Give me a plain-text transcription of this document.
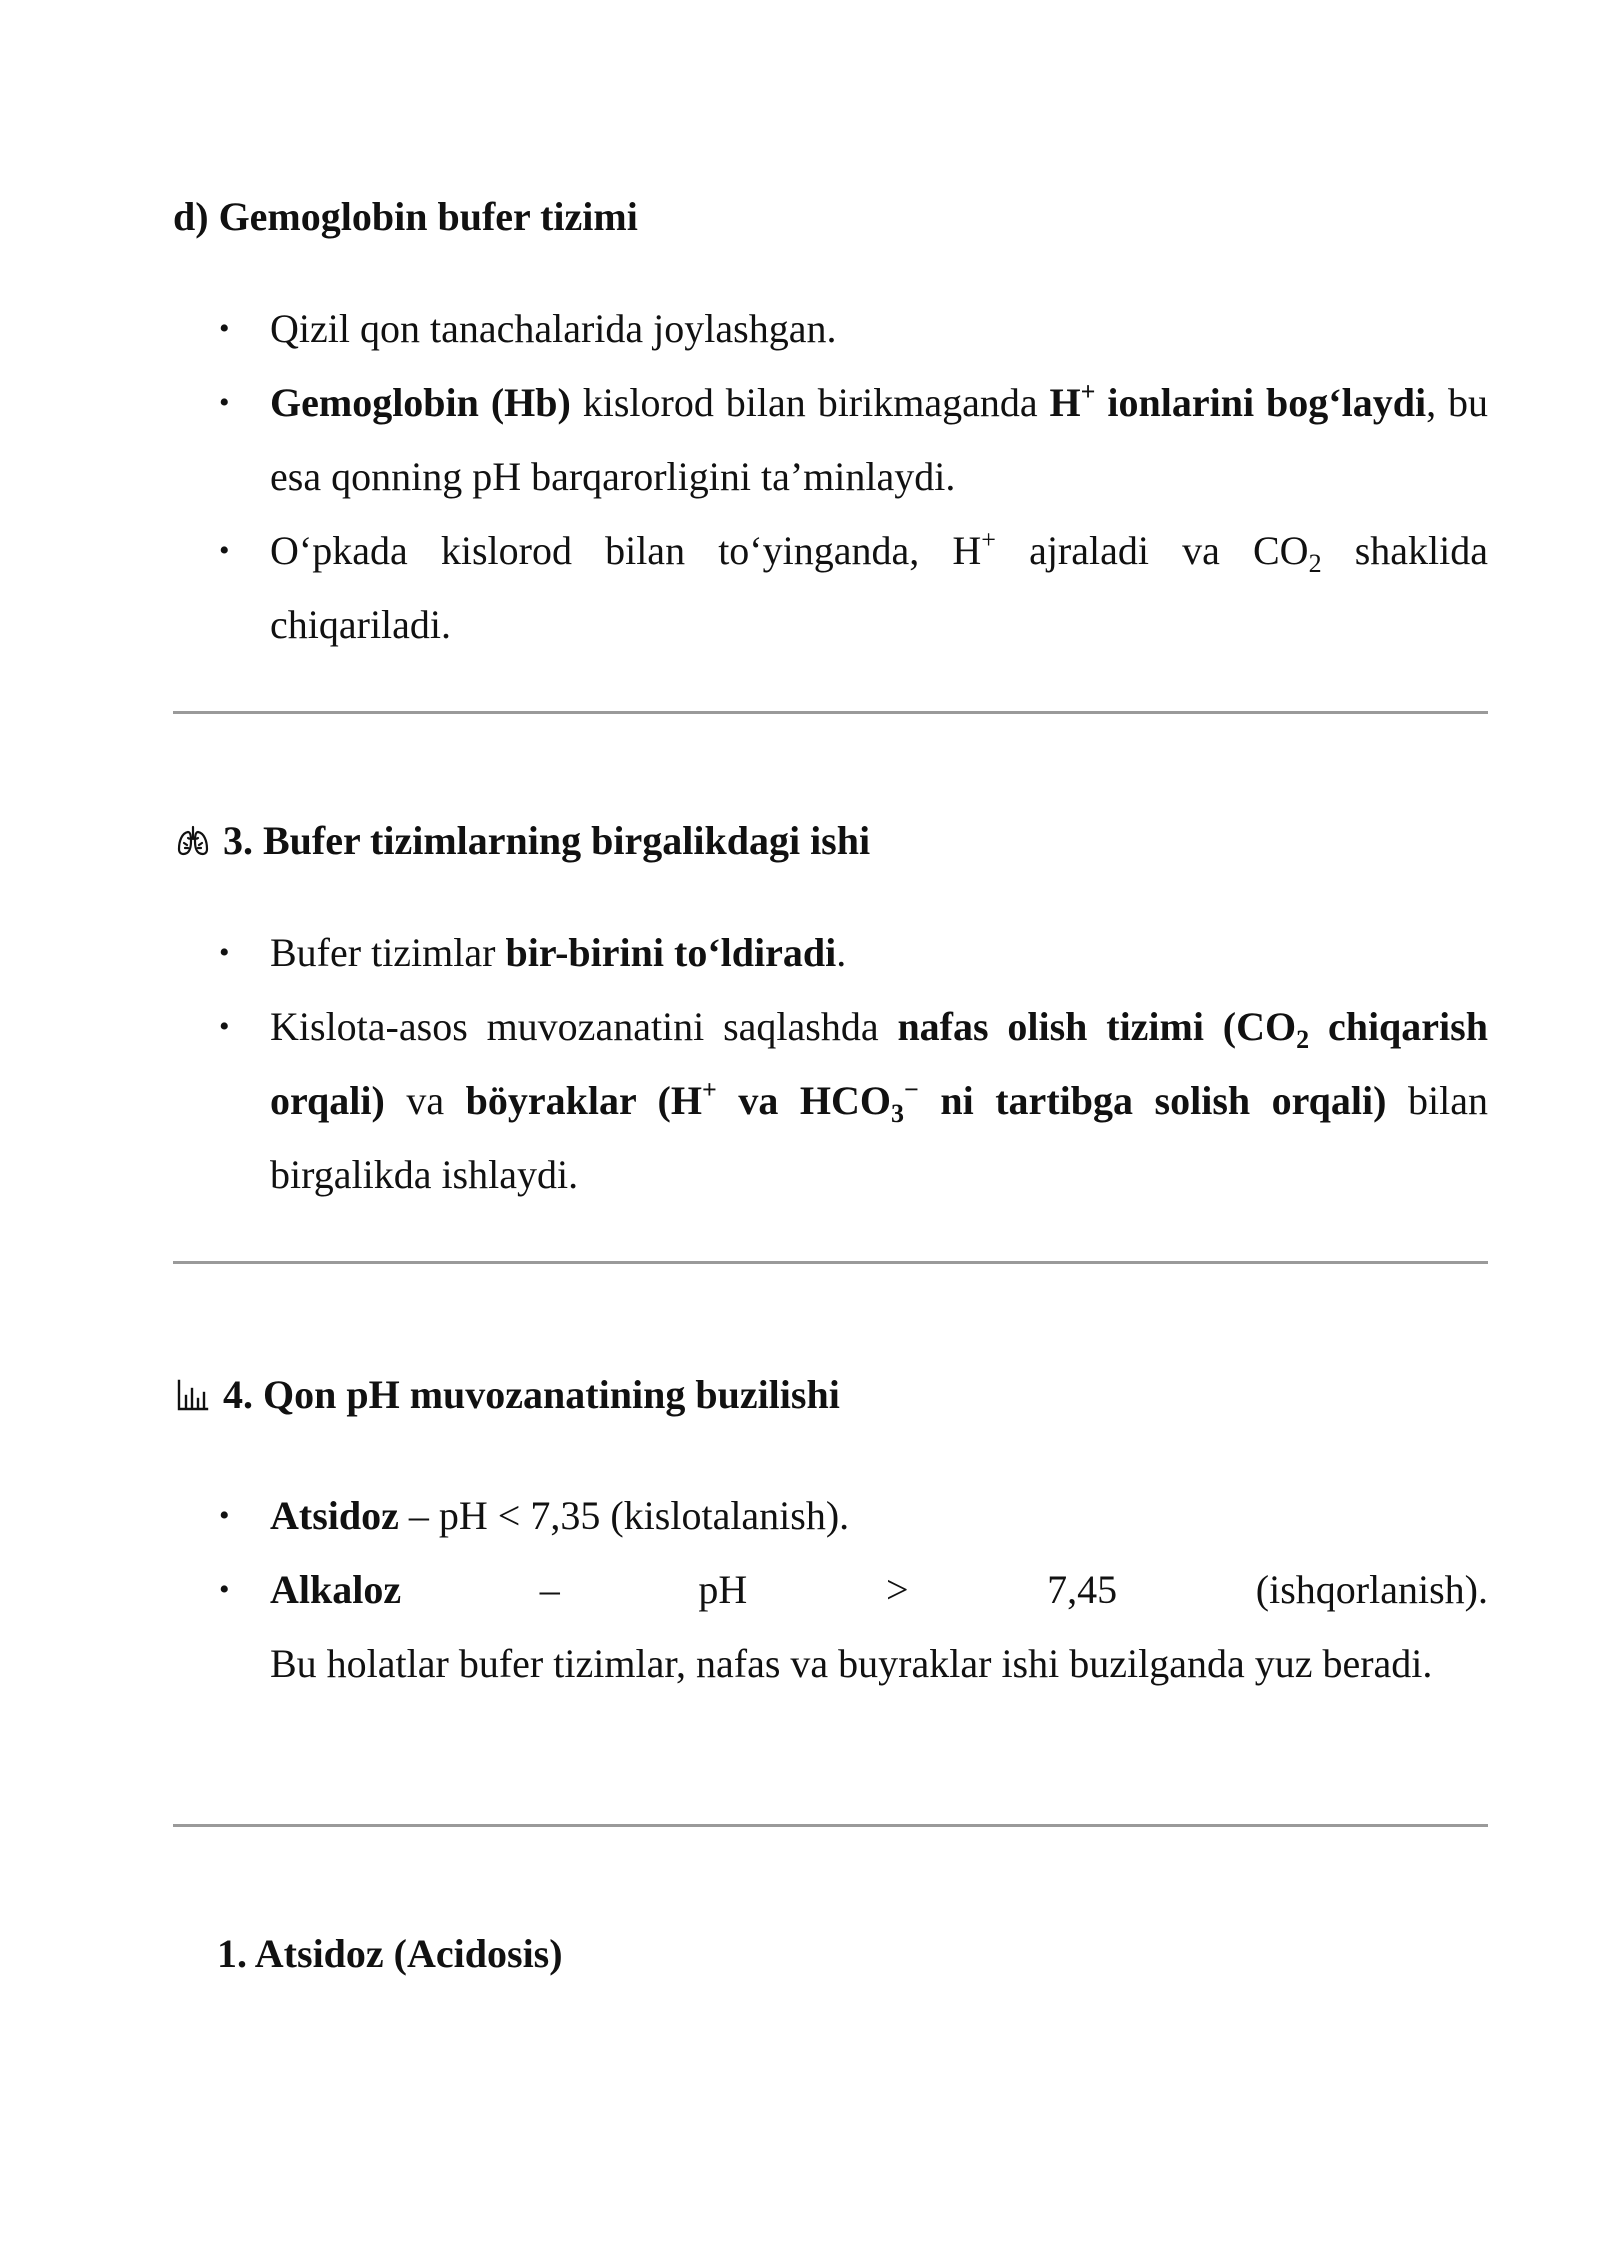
d) Gemoglobin bufer tizimi
• Qizil qon tanachalarida joylashgan.
• Gemoglobin (Hb) kislorod bilan birikmaganda H+ ionlarini bog‘laydi, bu esa qonning pH barqarorligini ta’minlaydi.
• O‘pkada kislorod bilan to‘yinganda, H+ ajraladi va $CO_2$ shaklida chiqariladi.
3. Bufer tizimlarning birgalikdagi ishi
• Bufer tizimlar bir-birini to‘ldiradi.
• Kislota-asos muvozanatini saqlashda nafas olish tizimi ($CO_2$ chiqarish orqali) va böyraklar (H+ va $HCO_3^-$ ni tartibga solish orqali) bilan birgalikda ishlaydi.
4. Qon pH muvozanatining buzilishi
• Atsidoz – pH < 7,35 (kislotalanish).
• Alkaloz – pH > 7,45 (ishqorlanish).
Bu holatlar bufer tizimlar, nafas va buyraklar ishi buzilganda yuz beradi.
1. Atsidoz (Acidosis)
